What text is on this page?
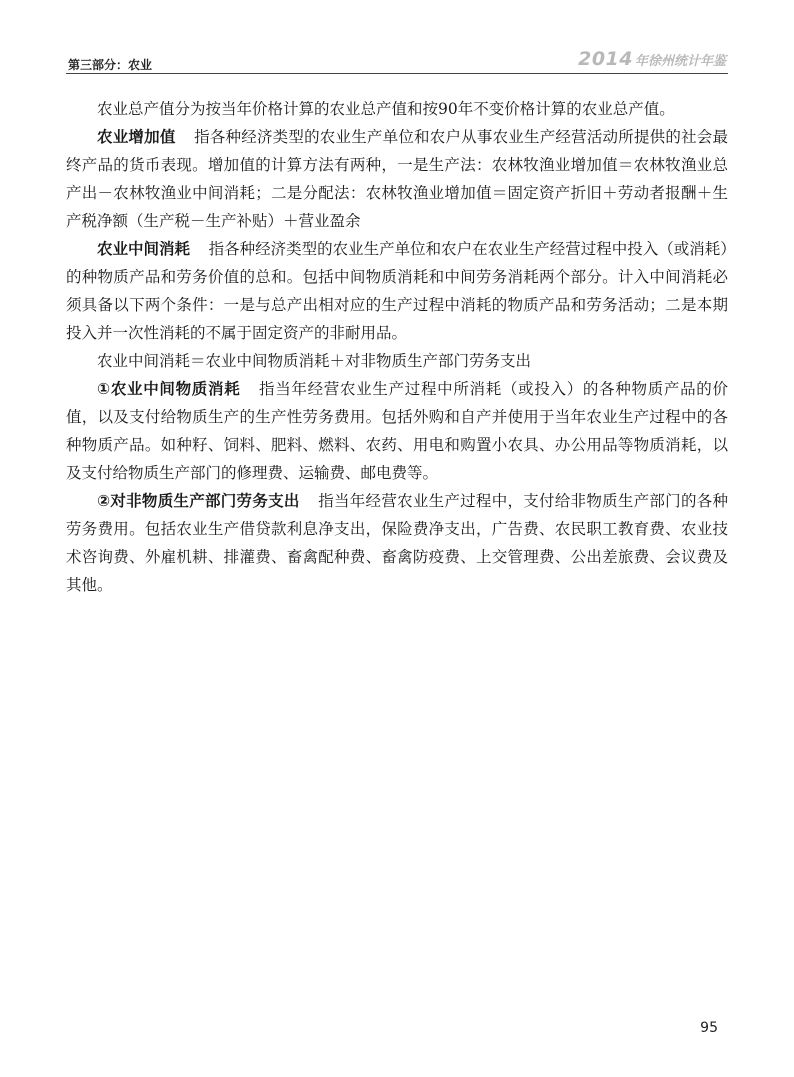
第三部分：农业	2014 年徐州统计年鉴

农业总产值分为按当年价格计算的农业总产值和按90年不变价格计算的农业总产值。

农业增加值 指各种经济类型的农业生产单位和农户从事农业生产经营活动所提供的社会最终产品的货币表现。增加值的计算方法有两种，一是生产法：农林牧渔业增加值＝农林牧渔业总产出－农林牧渔业中间消耗；二是分配法：农林牧渔业增加值＝固定资产折旧＋劳动者报酬＋生产税净额（生产税－生产补贴）＋营业盈余

农业中间消耗 指各种经济类型的农业生产单位和农户在农业生产经营过程中投入（或消耗）的种物质产品和劳务价值的总和。包括中间物质消耗和中间劳务消耗两个部分。计入中间消耗必须具备以下两个条件：一是与总产出相对应的生产过程中消耗的物质产品和劳务活动；二是本期投入并一次性消耗的不属于固定资产的非耐用品。

农业中间消耗＝农业中间物质消耗＋对非物质生产部门劳务支出

①农业中间物质消耗 指当年经营农业生产过程中所消耗（或投入）的各种物质产品的价值，以及支付给物质生产的生产性劳务费用。包括外购和自产并使用于当年农业生产过程中的各种物质产品。如种籽、饲料、肥料、燃料、农药、用电和购置小农具、办公用品等物质消耗，以及支付给物质生产部门的修理费、运输费、邮电费等。

②对非物质生产部门劳务支出 指当年经营农业生产过程中，支付给非物质生产部门的各种劳务费用。包括农业生产借贷款利息净支出，保险费净支出，广告费、农民职工教育费、农业技术咨询费、外雇机耕、排灌费、畜禽配种费、畜禽防疫费、上交管理费、公出差旅费、会议费及其他。

95
